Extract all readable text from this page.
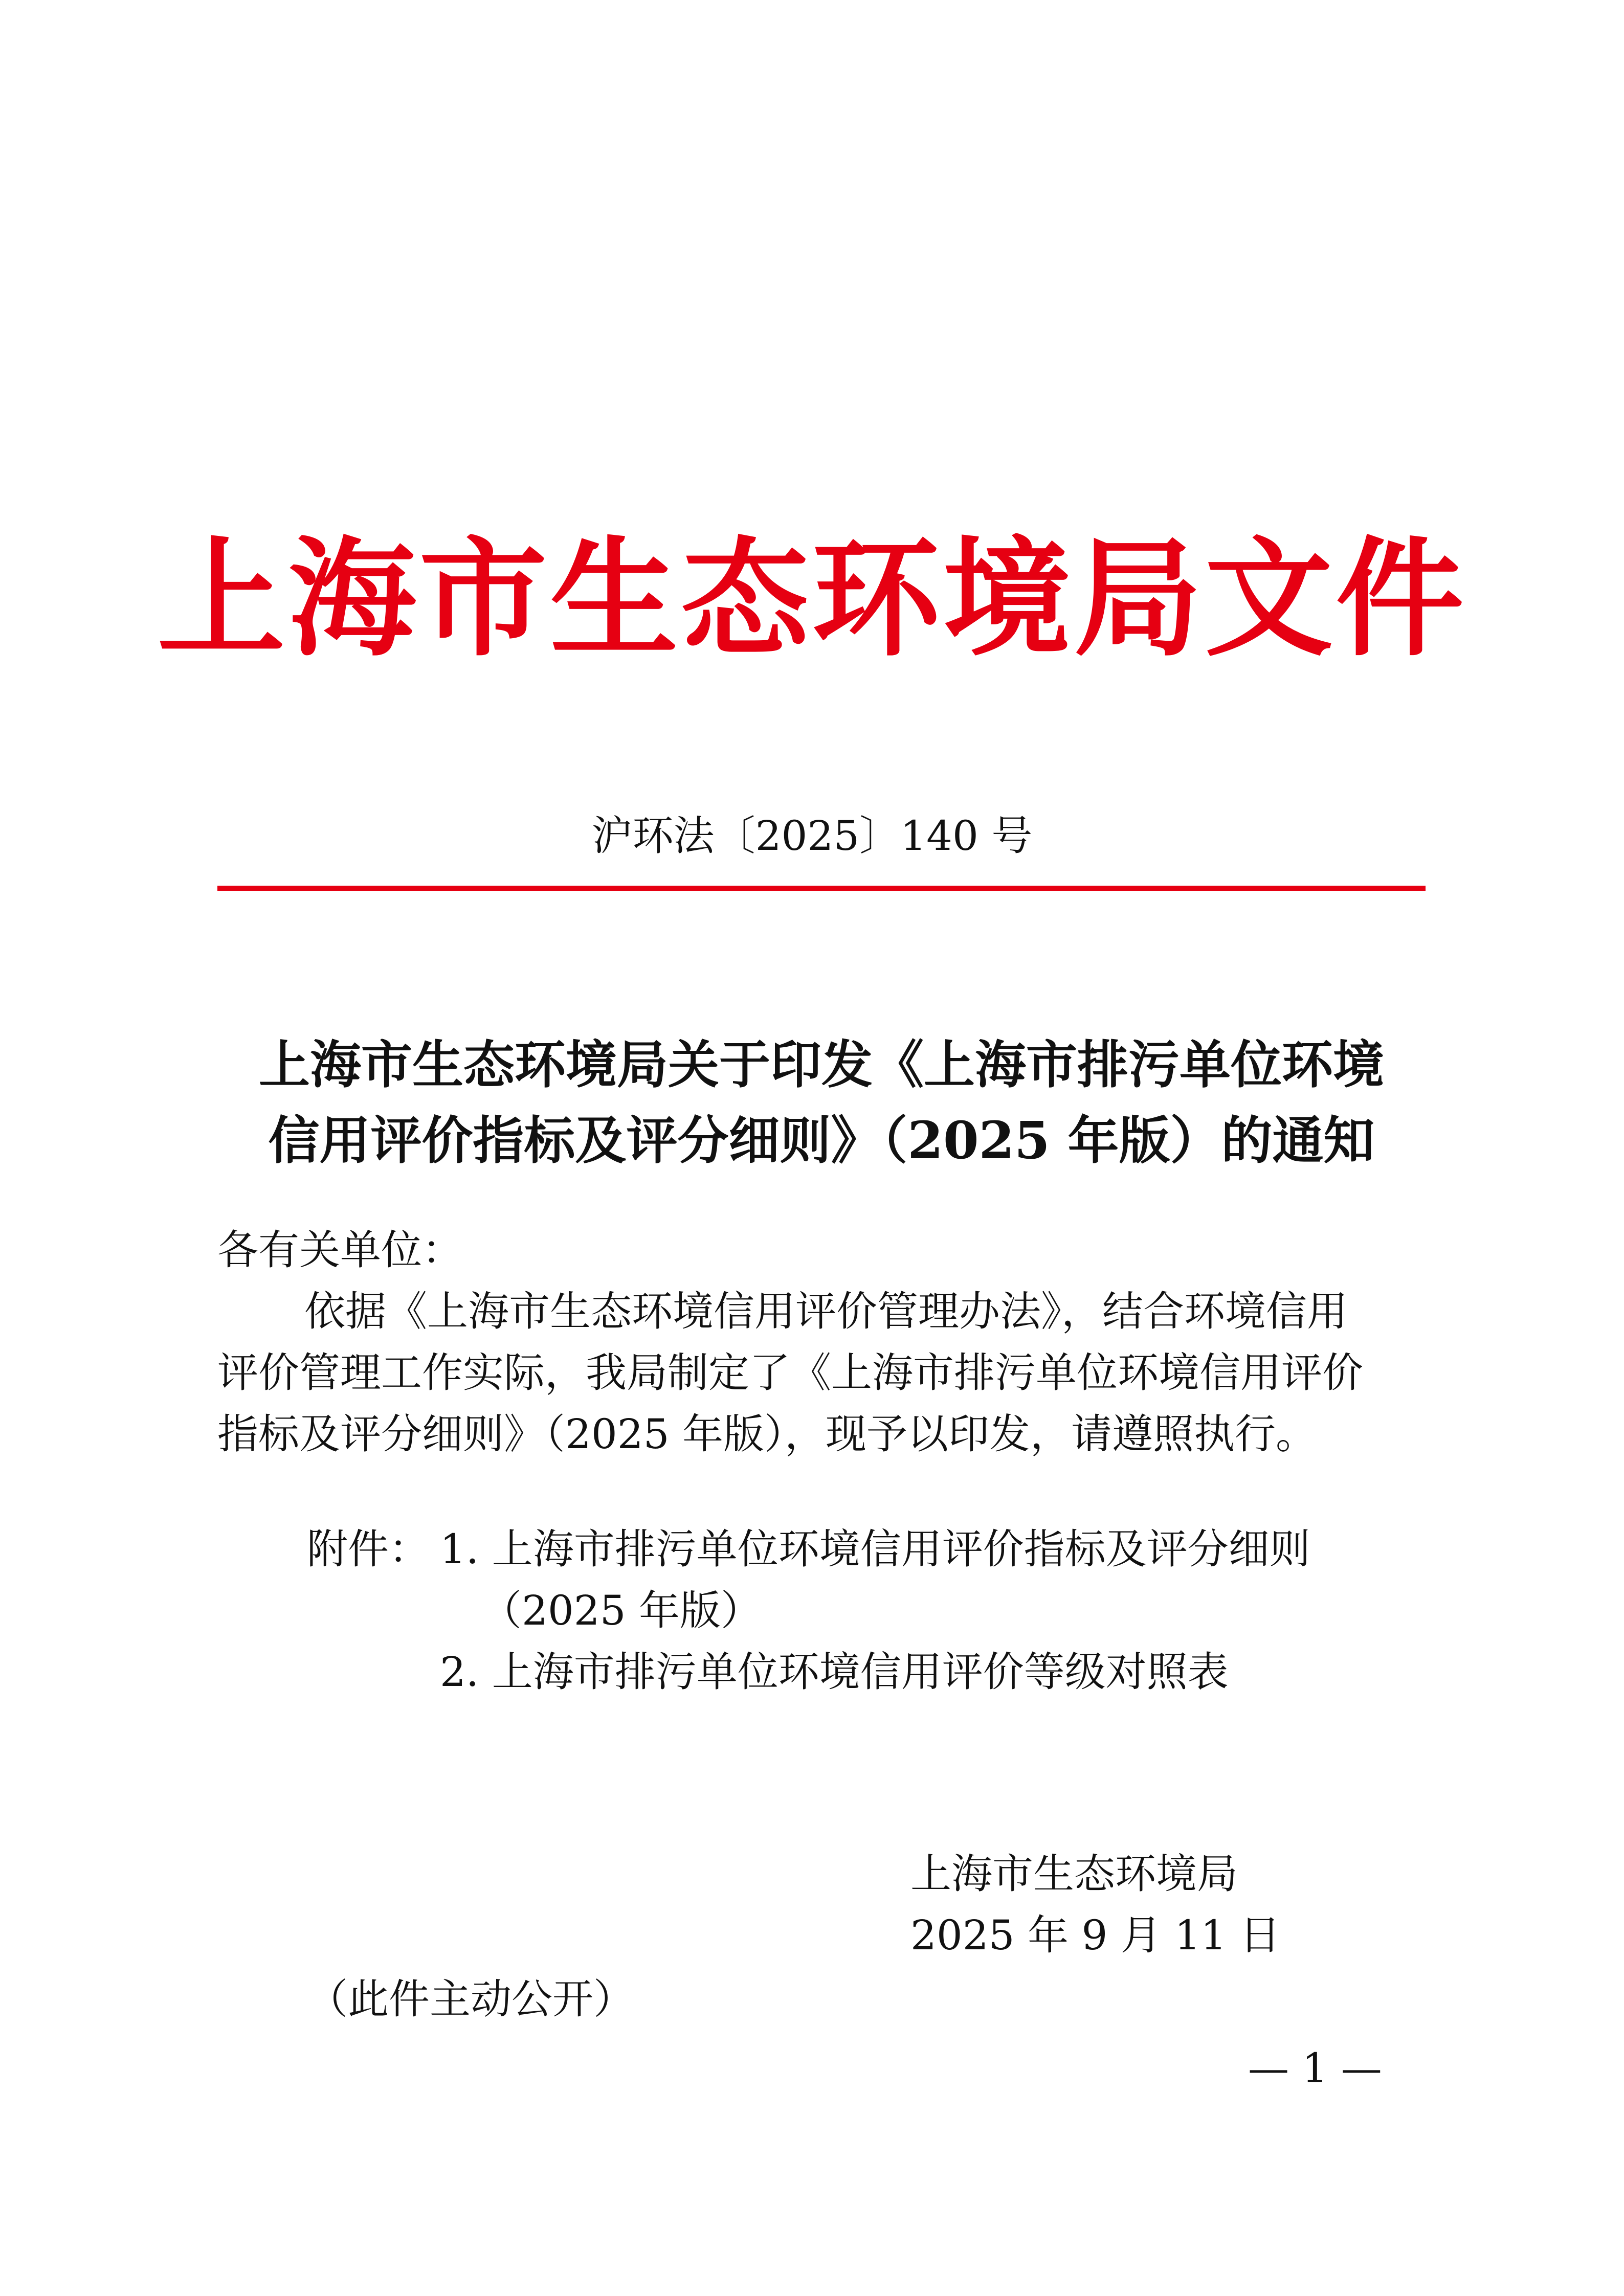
上海市生态环境局文件
沪环法〔2025〕140 号
上海市生态环境局关于印发《上海市排污单位环境
信用评价指标及评分细则》（2025 年版）的通知
各有关单位：
依据《上海市生态环境信用评价管理办法》，结合环境信用
评价管理工作实际，我局制定了《上海市排污单位环境信用评价
指标及评分细则》（2025 年版），现予以印发，请遵照执行。
附件： 1. 上海市排污单位环境信用评价指标及评分细则
（2025 年版）
2. 上海市排污单位环境信用评价等级对照表
上海市生态环境局
2025 年 9 月 11 日
（此件主动公开）
— 1 —
